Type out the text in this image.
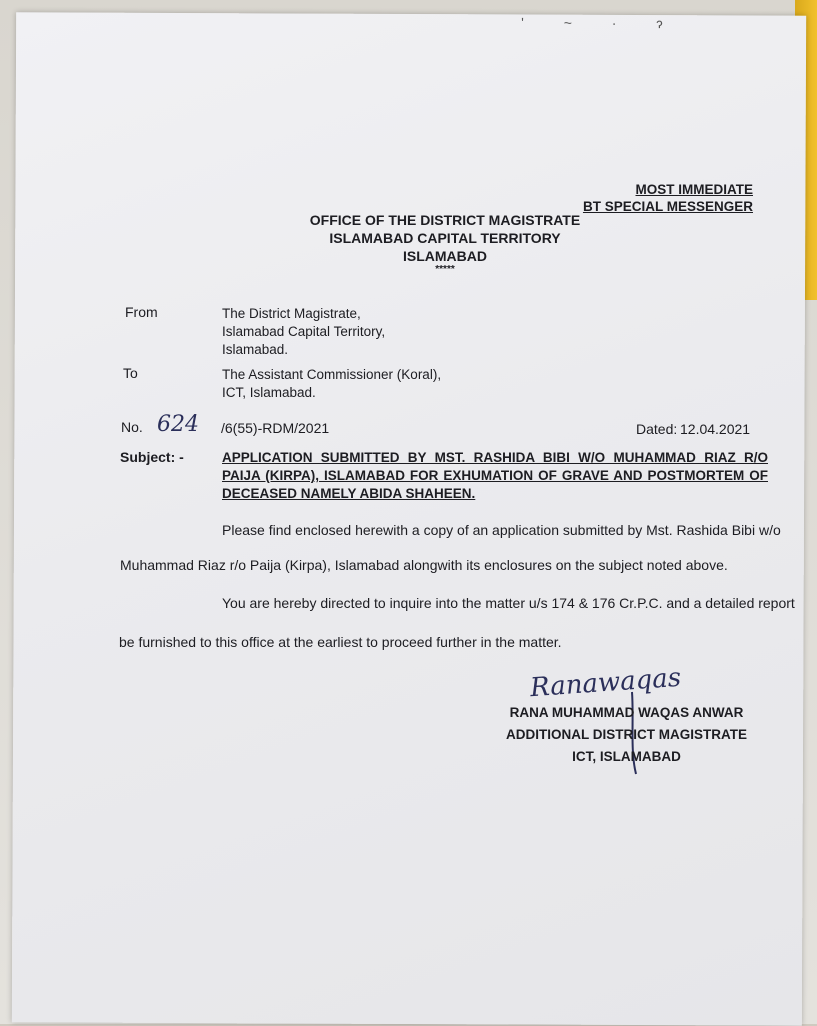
' ~ · ɂ
MOST IMMEDIATE
BT SPECIAL MESSENGER
OFFICE OF THE DISTRICT MAGISTRATE
ISLAMABAD CAPITAL TERRITORY
ISLAMABAD
*****
From	The District Magistrate,
Islamabad Capital Territory,
Islamabad.
To	The Assistant Commissioner (Koral),
ICT, Islamabad.
No. 624 /6(55)-RDM/2021	Dated: 12.04.2021
Subject: -	APPLICATION SUBMITTED BY MST. RASHIDA BIBI W/O MUHAMMAD RIAZ R/O PAIJA (KIRPA), ISLAMABAD FOR EXHUMATION OF GRAVE AND POSTMORTEM OF DECEASED NAMELY ABIDA SHAHEEN.
Please find enclosed herewith a copy of an application submitted by Mst. Rashida Bibi w/o
Muhammad Riaz r/o Paija (Kirpa), Islamabad alongwith its enclosures on the subject noted above.
You are hereby directed to inquire into the matter u/s 174 & 176 Cr.P.C. and a detailed report
be furnished to this office at the earliest to proceed further in the matter.
Ranawaqas
RANA MUHAMMAD WAQAS ANWAR
ADDITIONAL DISTRICT MAGISTRATE
ICT, ISLAMABAD
